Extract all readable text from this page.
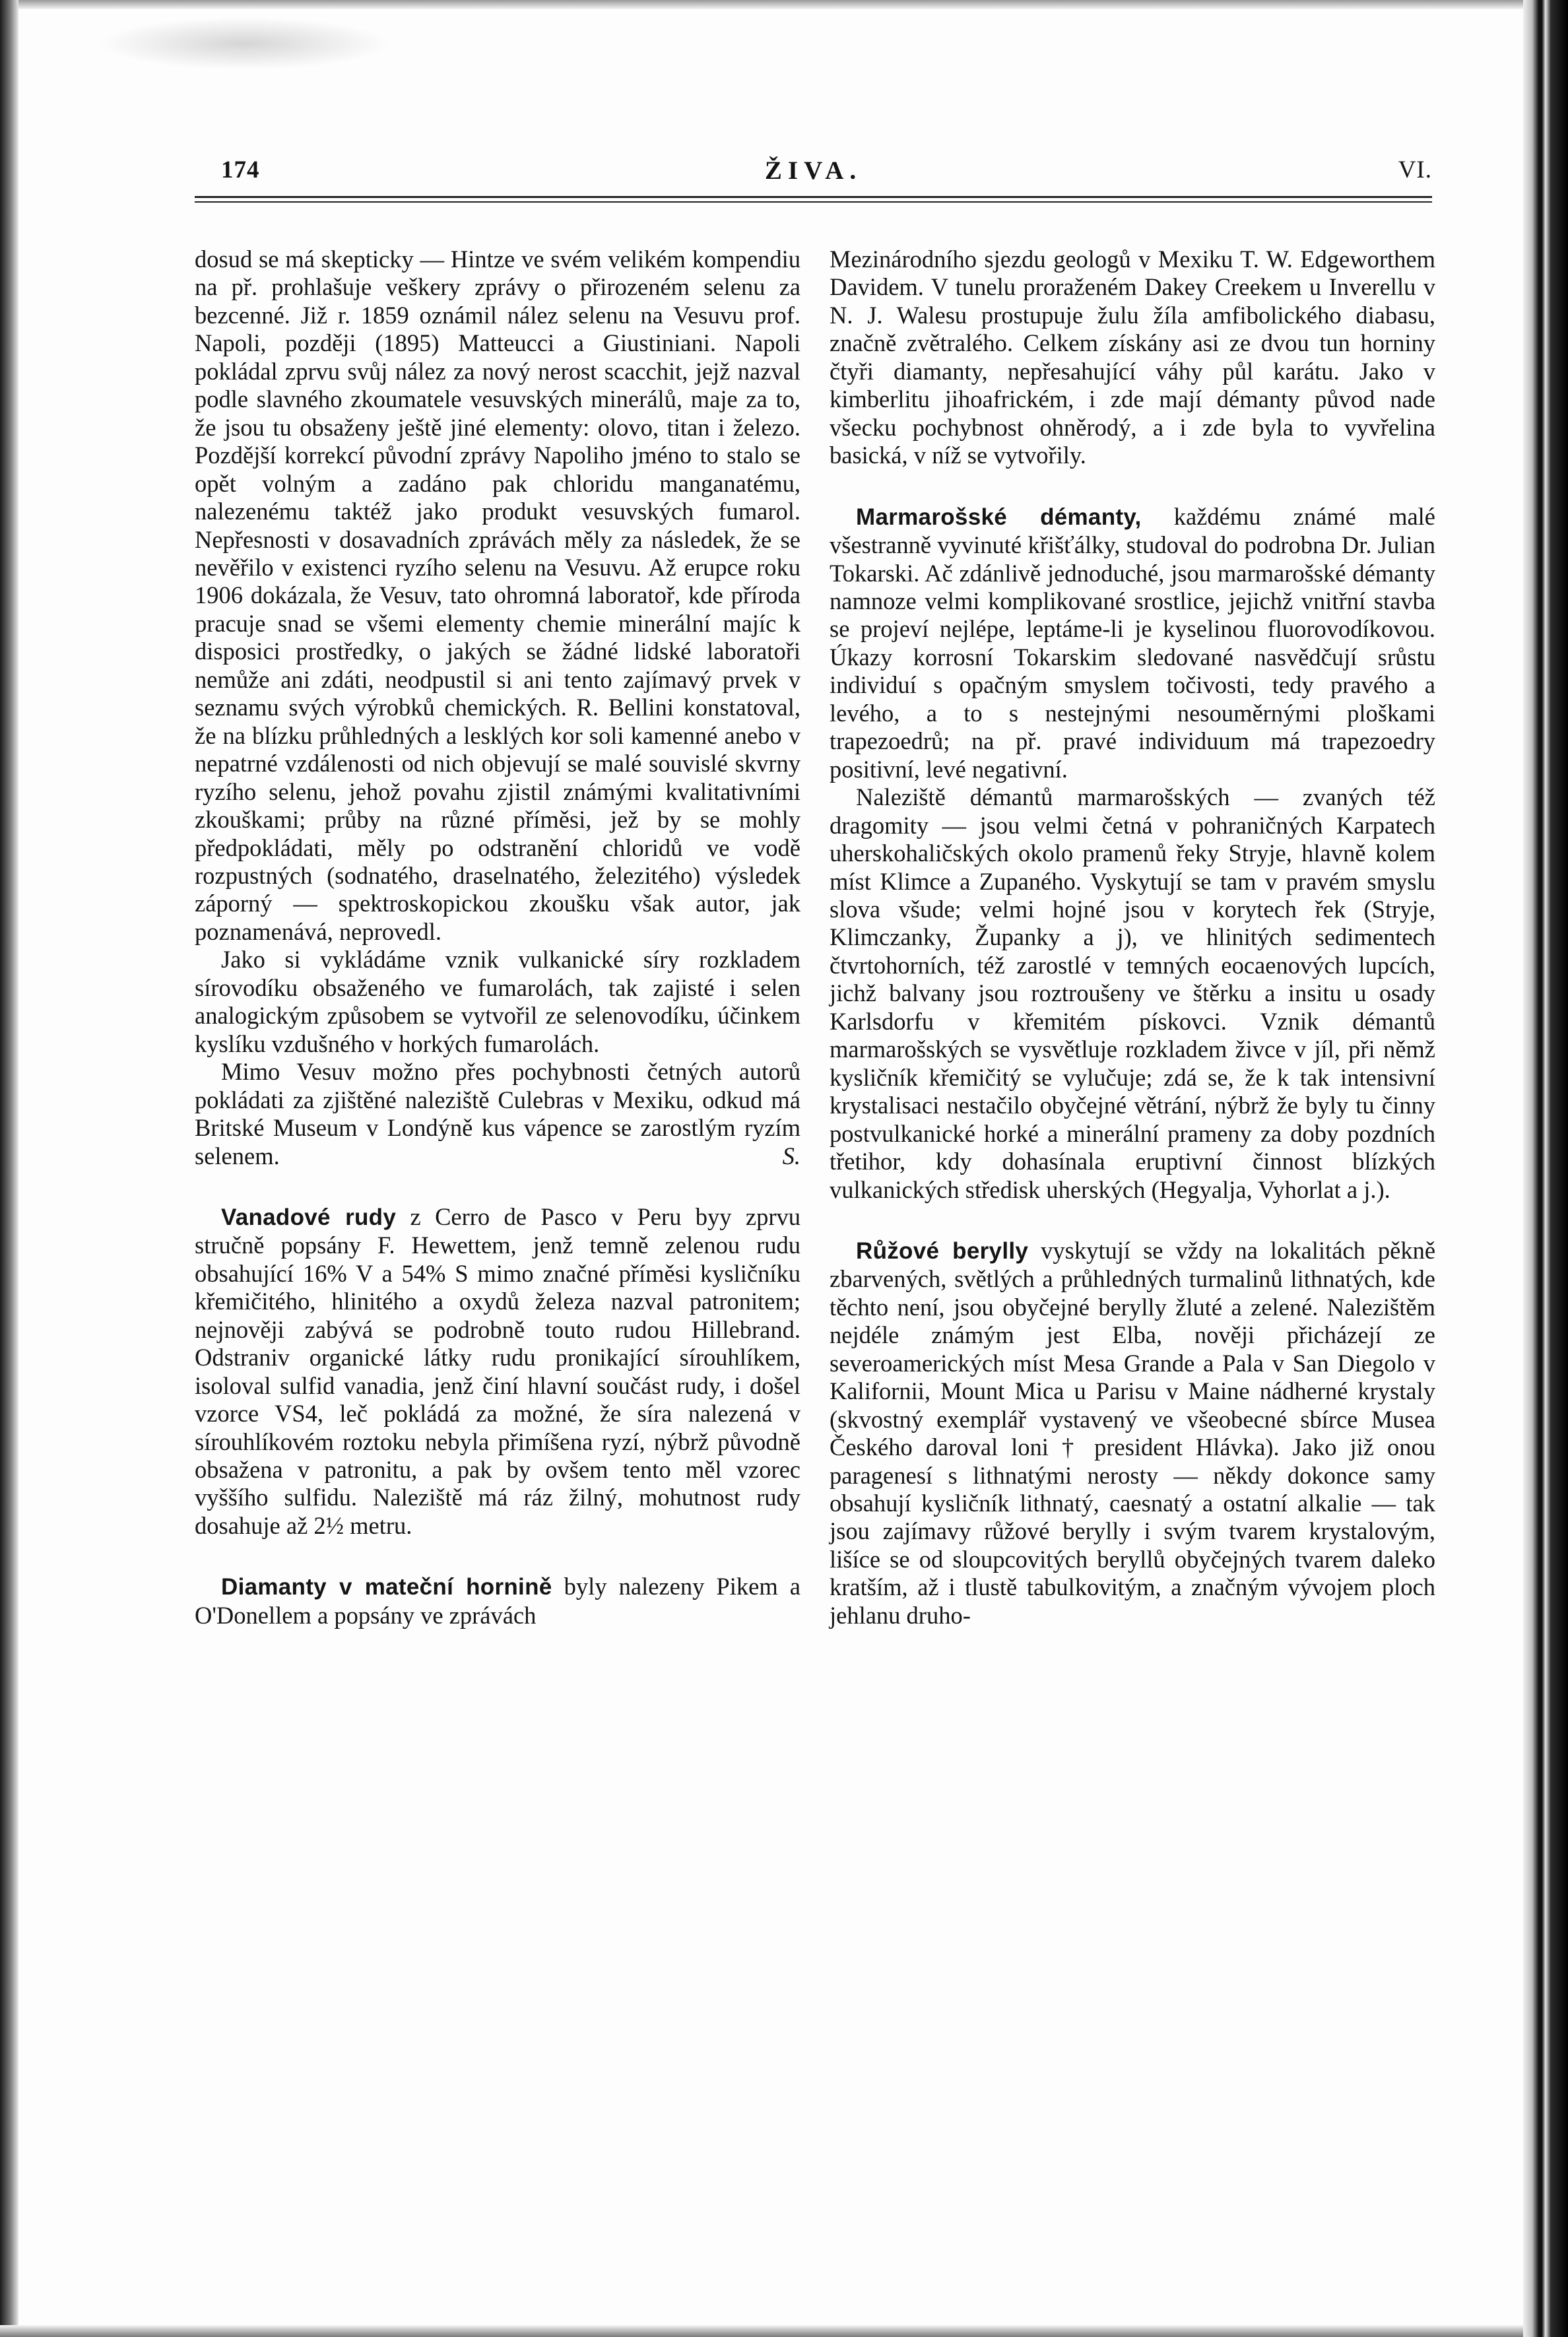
174	ŽIVA.	VI.

dosud se má skepticky — Hintze ve svém velikém kompendiu na př. prohlašuje veškery zprávy o přirozeném selenu za bezcenné. Již r. 1859 oznámil nález selenu na Vesuvu prof. Napoli, později (1895) Matteucci a Giustiniani. Napoli pokládal zprvu svůj nález za nový nerost scacchit, jejž nazval podle slavného zkoumatele vesuvských minerálů, maje za to, že jsou tu obsaženy ještě jiné elementy: olovo, titan i železo. Pozdější korrekcí původní zprávy Napoliho jméno to stalo se opět volným a zadáno pak chloridu manganatému, nalezenému taktéž jako produkt vesuvských fumarol. Nepřesnosti v dosavadních zprávách měly za následek, že se nevěřilo v existenci ryzího selenu na Vesuvu. Až erupce roku 1906 dokázala, že Vesuv, tato ohromná laboratoř, kde příroda pracuje snad se všemi elementy chemie minerální majíc k disposici prostředky, o jakých se žádné lidské laboratoři nemůže ani zdáti, neodpustil si ani tento zajímavý prvek v seznamu svých výrobků chemických. R. Bellini konstatoval, že na blízku průhledných a lesklých kor soli kamenné anebo v nepatrné vzdálenosti od nich objevují se malé souvislé skvrny ryzího selenu, jehož povahu zjistil známými kvalitativními zkouškami; průby na různé příměsi, jež by se mohly předpokládati, měly po odstranění chloridů ve vodě rozpustných (sodnatého, draselnatého, železitého) výsledek záporný — spektroskopickou zkoušku však autor, jak poznamenává, neprovedl.

Jako si vykládáme vznik vulkanické síry rozkladem sírovodíku obsaženého ve fumarolách, tak zajisté i selen analogickým způsobem se vytvořil ze selenovodíku, účinkem kyslíku vzdušného v horkých fumarolách.

Mimo Vesuv možno přes pochybnosti četných autorů pokládati za zjištěné naleziště Culebras v Mexiku, odkud má Britské Museum v Londýně kus vápence se zarostlým ryzím selenem.	S.

Vanadové rudy z Cerro de Pasco v Peru byy zprvu stručně popsány F. Hewettem, jenž temně zelenou rudu obsahující 16% V a 54% S mimo značné příměsi kysličníku křemičitého, hlinitého a oxydů železa nazval patronitem; nejnověji zabývá se podrobně touto rudou Hillebrand. Odstraniv organické látky rudu pronikající sírouhlíkem, isoloval sulfid vanadia, jenž činí hlavní součást rudy, i došel vzorce VS4, leč pokládá za možné, že síra nalezená v sírouhlíkovém roztoku nebyla přimíšena ryzí, nýbrž původně obsažena v patronitu, a pak by ovšem tento měl vzorec vyššího sulfidu. Naleziště má ráz žilný, mohutnost rudy dosahuje až 2½ metru.

Diamanty v mateční hornině byly nalezeny Pikem a O'Donellem a popsány ve zprávách

Mezinárodního sjezdu geologů v Mexiku T. W. Edgeworthem Davidem. V tunelu proraženém Dakey Creekem u Inverellu v N. J. Walesu prostupuje žulu žíla amfibolického diabasu, značně zvětralého. Celkem získány asi ze dvou tun horniny čtyři diamanty, nepřesahující váhy půl karátu. Jako v kimberlitu jihoafrickém, i zde mají démanty původ nade všecku pochybnost ohněrodý, a i zde byla to vyvřelina basická, v níž se vytvořily.

Marmarošské démanty, každému známé malé všestranně vyvinuté křišťálky, studoval do podrobna Dr. Julian Tokarski. Ač zdánlivě jednoduché, jsou marmarošské démanty namnoze velmi komplikované srostlice, jejichž vnitřní stavba se projeví nejlépe, leptáme-li je kyselinou fluorovodíkovou. Úkazy korrosní Tokarskim sledované nasvědčují srůstu individuí s opačným smyslem točivosti, tedy pravého a levého, a to s nestejnými nesouměrnými ploškami trapezoedrů; na př. pravé individuum má trapezoedry positivní, levé negativní.

Naleziště démantů marmarošských — zvaných též dragomity — jsou velmi četná v pohraničných Karpatech uherskohaličských okolo pramenů řeky Stryje, hlavně kolem míst Klimce a Zupaného. Vyskytují se tam v pravém smyslu slova všude; velmi hojné jsou v korytech řek (Stryje, Klimczanky, Županky a j), ve hlinitých sedimentech čtvrtohorních, též zarostlé v temných eocaenových lupcích, jichž balvany jsou roztroušeny ve štěrku a insitu u osady Karlsdorfu v křemitém pískovci. Vznik démantů marmarošských se vysvětluje rozkladem živce v jíl, při němž kysličník křemičitý se vylučuje; zdá se, že k tak intensivní krystalisaci nestačilo obyčejné větrání, nýbrž že byly tu činny postvulkanické horké a minerální prameny za doby pozdních třetihor, kdy dohasínala eruptivní činnost blízkých vulkanických středisk uherských (Hegyalja, Vyhorlat a j.).

Růžové berylly vyskytují se vždy na lokalitách pěkně zbarvených, světlých a průhledných turmalinů lithnatých, kde těchto není, jsou obyčejné berylly žluté a zelené. Nalezištěm nejdéle známým jest Elba, nověji přicházejí ze severoamerických míst Mesa Grande a Pala v San Diegolo v Kalifornii, Mount Mica u Parisu v Maine nádherné krystaly (skvostný exemplář vystavený ve všeobecné sbírce Musea Českého daroval loni † president Hlávka). Jako již onou paragenesí s lithnatými nerosty — někdy dokonce samy obsahují kysličník lithnatý, caesnatý a ostatní alkalie — tak jsou zajímavy růžové berylly i svým tvarem krystalovým, lišíce se od sloupcovitých beryllů obyčejných tvarem daleko kratším, až i tlustě tabulkovitým, a značným vývojem ploch jehlanu druho-
